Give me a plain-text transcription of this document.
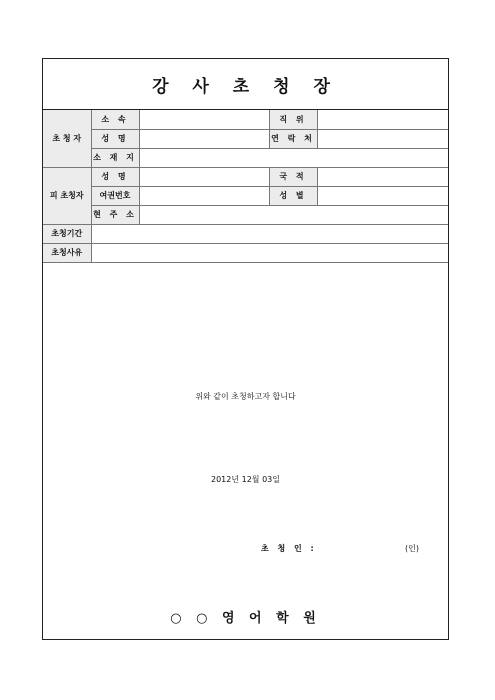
강 사 초 청 장
초 청 자	소 속		직 위	
	성 명		연 락 처	
	소 재 지			
피 초청자	성 명		국 적	
	여권번호		성 별	
	현 주 소			
초청기간				
초청사유				
위와 같이 초청하고자 합니다
2012년 12월 03일
초 청 인 :	(인)
○ ○ 영 어 학 원
